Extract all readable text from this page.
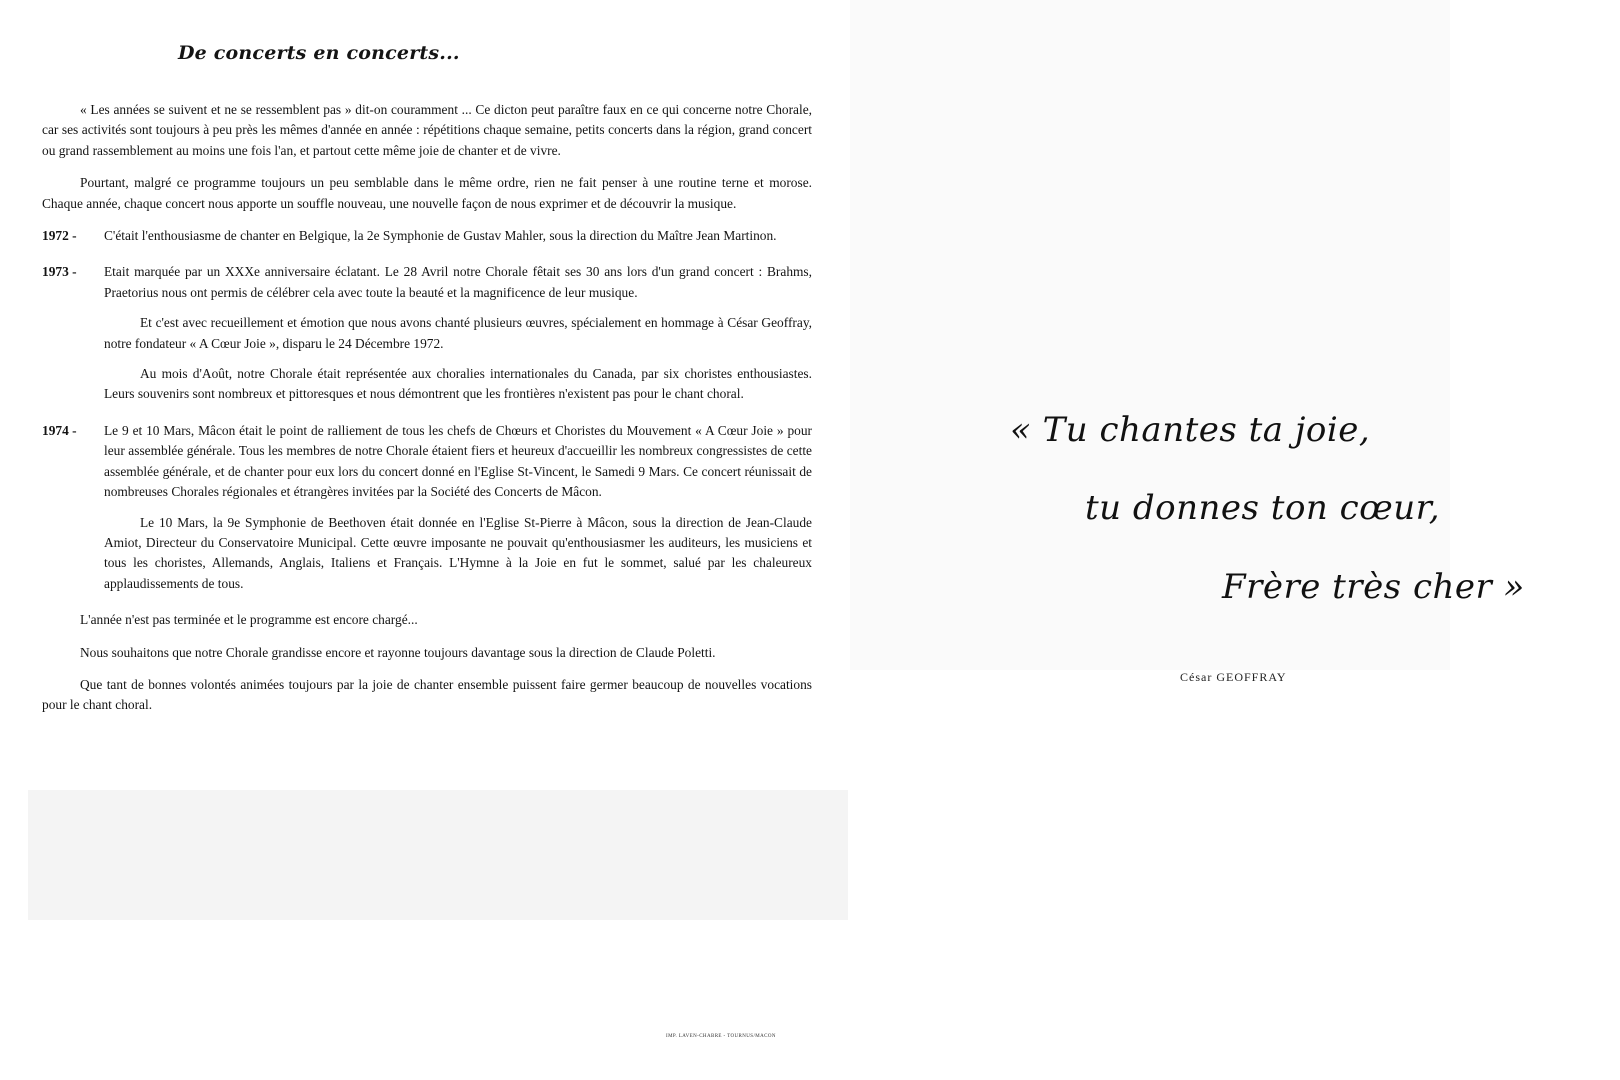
De concerts en concerts...

« Les années se suivent et ne se ressemblent pas » dit-on couramment ... Ce dicton peut paraître faux en ce qui concerne notre Chorale, car ses activités sont toujours à peu près les mêmes d'année en année : répétitions chaque semaine, petits concerts dans la région, grand concert ou grand rassemblement au moins une fois l'an, et partout cette même joie de chanter et de vivre.

Pourtant, malgré ce programme toujours un peu semblable dans le même ordre, rien ne fait penser à une routine terne et morose. Chaque année, chaque concert nous apporte un souffle nouveau, une nouvelle façon de nous exprimer et de découvrir la musique.

1972 -	C'était l'enthousiasme de chanter en Belgique, la 2e Symphonie de Gustav Mahler, sous la direction du Maître Jean Martinon.
1973 -	Etait marquée par un XXXe anniversaire éclatant. Le 28 Avril notre Chorale fêtait ses 30 ans lors d'un grand concert : Brahms, Praetorius nous ont permis de célébrer cela avec toute la beauté et la magnificence de leur musique.

Et c'est avec recueillement et émotion que nous avons chanté plusieurs œuvres, spécialement en hommage à César Geoffray, notre fondateur « A Cœur Joie », disparu le 24 Décembre 1972.

Au mois d'Août, notre Chorale était représentée aux choralies internationales du Canada, par six choristes enthousiastes. Leurs souvenirs sont nombreux et pittoresques et nous démontrent que les frontières n'existent pas pour le chant choral.

1974 -	Le 9 et 10 Mars, Mâcon était le point de ralliement de tous les chefs de Chœurs et Choristes du Mouvement « A Cœur Joie » pour leur assemblée générale. Tous les membres de notre Chorale étaient fiers et heureux d'accueillir les nombreux congressistes de cette assemblée générale, et de chanter pour eux lors du concert donné en l'Eglise St-Vincent, le Samedi 9 Mars. Ce concert réunissait de nombreuses Chorales régionales et étrangères invitées par la Société des Concerts de Mâcon.

Le 10 Mars, la 9e Symphonie de Beethoven était donnée en l'Eglise St-Pierre à Mâcon, sous la direction de Jean-Claude Amiot, Directeur du Conservatoire Municipal. Cette œuvre imposante ne pouvait qu'enthousiasmer les auditeurs, les musiciens et tous les choristes, Allemands, Anglais, Italiens et Français. L'Hymne à la Joie en fut le sommet, salué par les chaleureux applaudissements de tous.

L'année n'est pas terminée et le programme est encore chargé...

Nous souhaitons que notre Chorale grandisse encore et rayonne toujours davantage sous la direction de Claude Poletti.

Que tant de bonnes volontés animées toujours par la joie de chanter ensemble puissent faire germer beaucoup de nouvelles vocations pour le chant choral.

IMP. LAVEN-CHABRE - TOURNUS/MACON
« Tu chantes ta joie,
tu donnes ton cœur,
Frère très cher »
César GEOFFRAY
